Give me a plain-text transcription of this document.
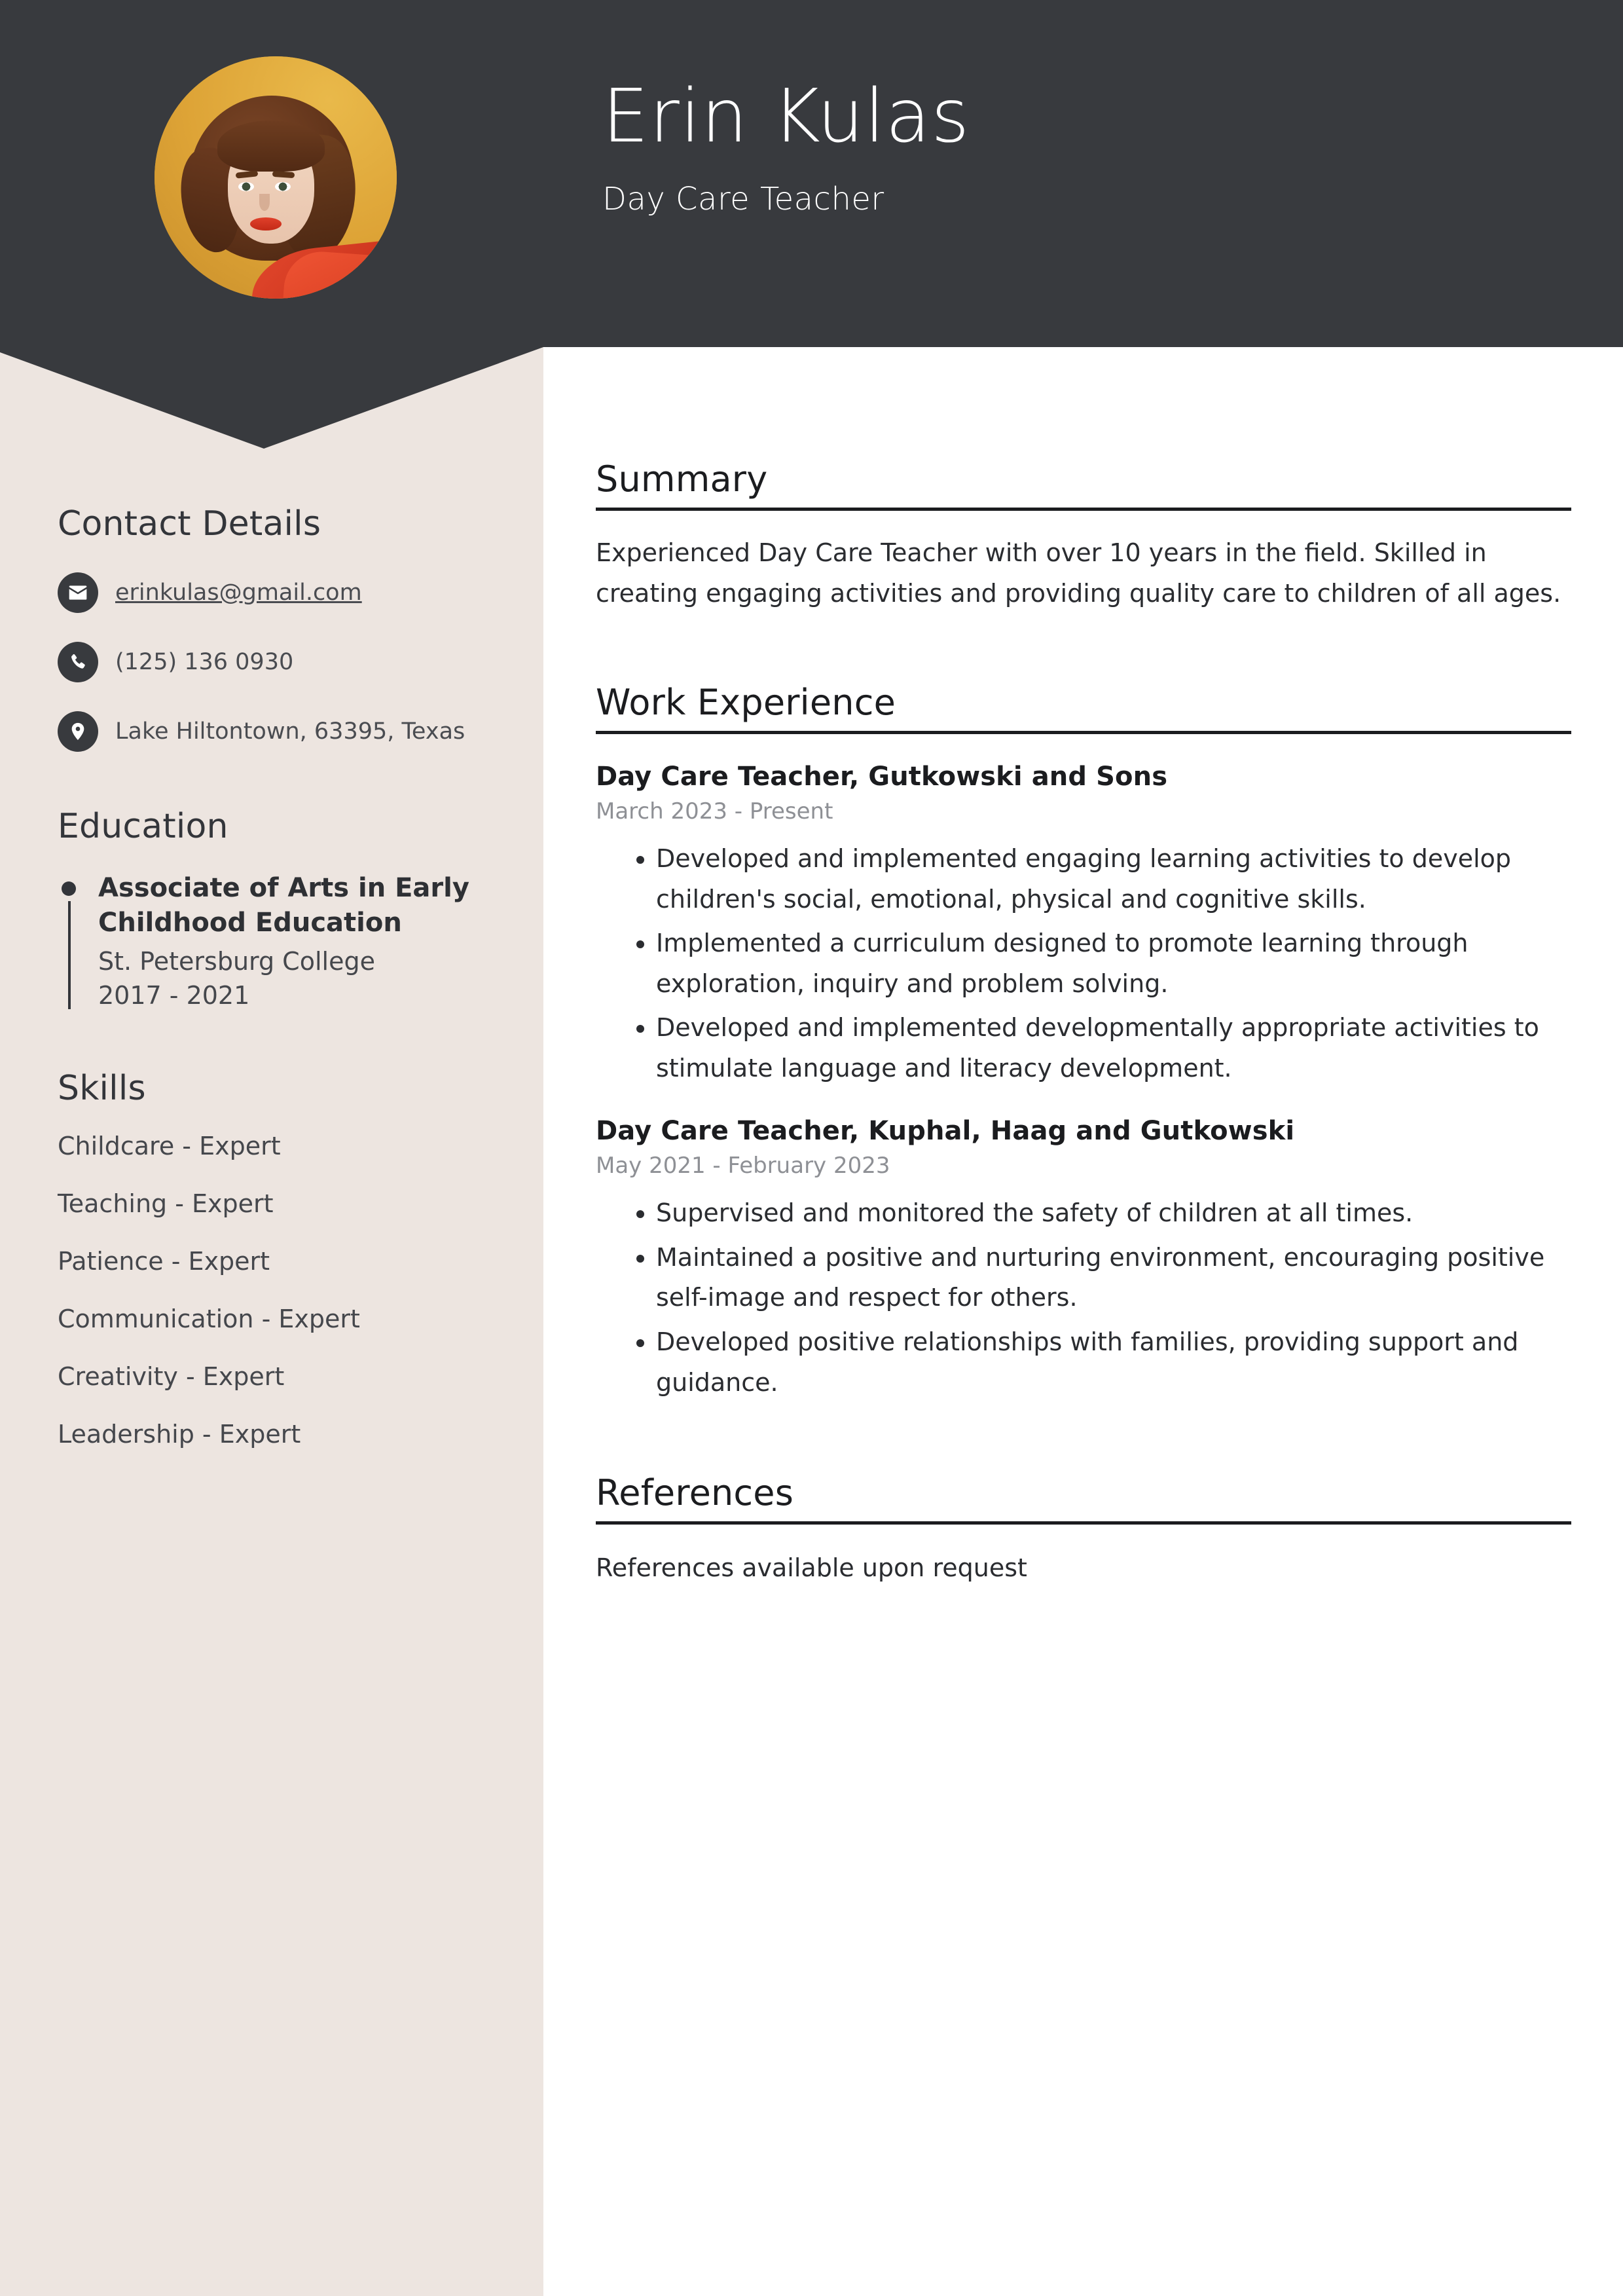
Erin Kulas
Day Care Teacher
Contact Details
erinkulas@gmail.com
(125) 136 0930
Lake Hiltontown, 63395, Texas
Education
Associate of Arts in Early Childhood Education
St. Petersburg College
2017 - 2021
Skills
Childcare - Expert
Teaching - Expert
Patience - Expert
Communication - Expert
Creativity - Expert
Leadership - Expert
Summary
Experienced Day Care Teacher with over 10 years in the field. Skilled in creating engaging activities and providing quality care to children of all ages.
Work Experience
Day Care Teacher, Gutkowski and Sons
March 2023 - Present
• Developed and implemented engaging learning activities to develop children's social, emotional, physical and cognitive skills.
• Implemented a curriculum designed to promote learning through exploration, inquiry and problem solving.
• Developed and implemented developmentally appropriate activities to stimulate language and literacy development.
Day Care Teacher, Kuphal, Haag and Gutkowski
May 2021 - February 2023
• Supervised and monitored the safety of children at all times.
• Maintained a positive and nurturing environment, encouraging positive self-image and respect for others.
• Developed positive relationships with families, providing support and guidance.
References
References available upon request
